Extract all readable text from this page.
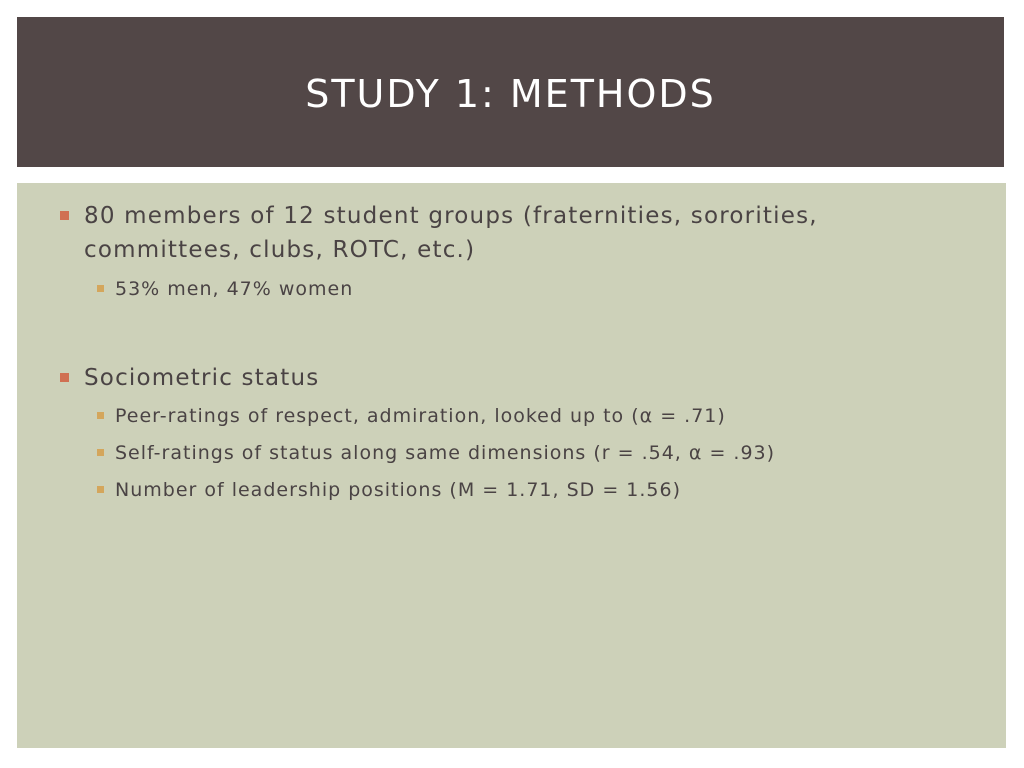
STUDY 1: METHODS
80 members of 12 student groups (fraternities, sororities, committees, clubs, ROTC, etc.)
53% men, 47% women
Sociometric status
Peer-ratings of respect, admiration, looked up to (α = .71)
Self-ratings of status along same dimensions (r = .54, α = .93)
Number of leadership positions (M = 1.71, SD = 1.56)
